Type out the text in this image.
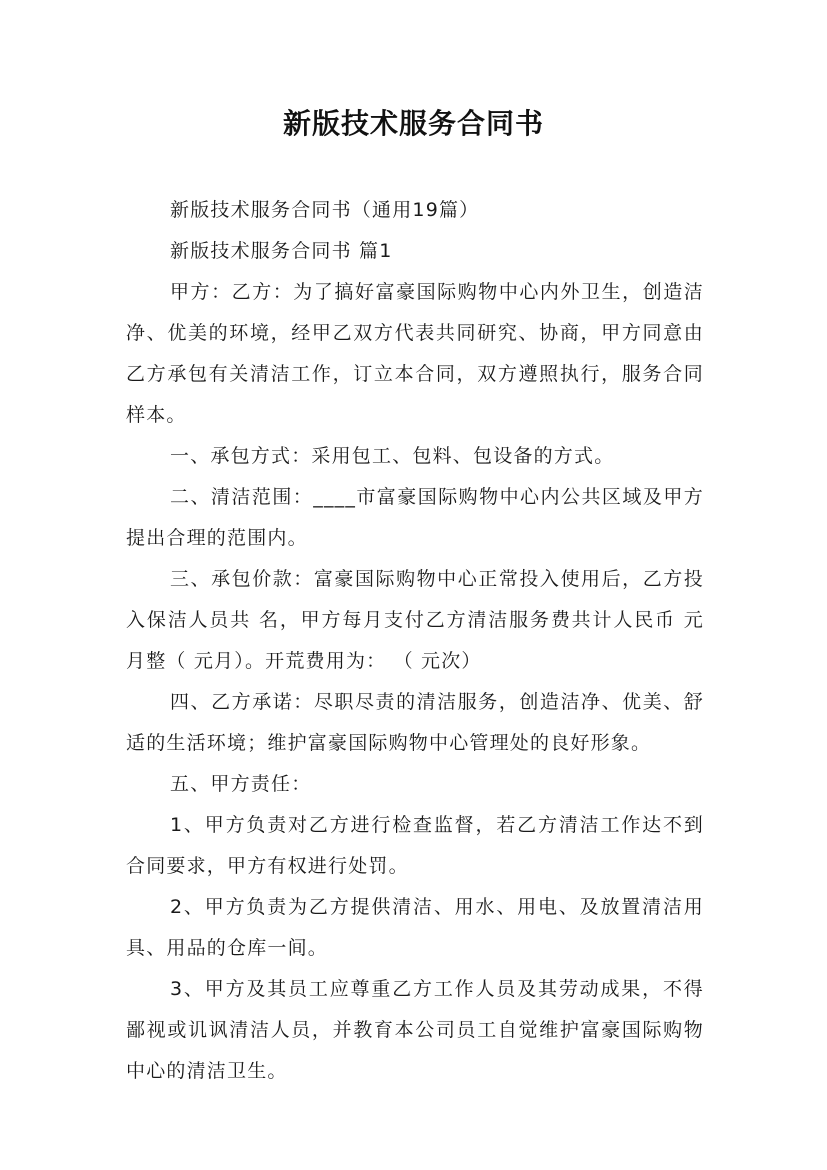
新版技术服务合同书

新版技术服务合同书（通用19篇）

新版技术服务合同书 篇1

甲方：乙方：为了搞好富豪国际购物中心内外卫生，创造洁净、优美的环境，经甲乙双方代表共同研究、协商，甲方同意由乙方承包有关清洁工作，订立本合同，双方遵照执行，服务合同样本。

一、承包方式：采用包工、包料、包设备的方式。

二、清洁范围：____市富豪国际购物中心内公共区域及甲方提出合理的范围内。

三、承包价款：富豪国际购物中心正常投入使用后，乙方投入保洁人员共 名，甲方每月支付乙方清洁服务费共计人民币 元月整（ 元月）。开荒费用为： （ 元次）

四、乙方承诺：尽职尽责的清洁服务，创造洁净、优美、舒适的生活环境；维护富豪国际购物中心管理处的良好形象。

五、甲方责任：

1、甲方负责对乙方进行检查监督，若乙方清洁工作达不到合同要求，甲方有权进行处罚。

2、甲方负责为乙方提供清洁、用水、用电、及放置清洁用具、用品的仓库一间。

3、甲方及其员工应尊重乙方工作人员及其劳动成果，不得鄙视或讥讽清洁人员，并教育本公司员工自觉维护富豪国际购物中心的清洁卫生。
